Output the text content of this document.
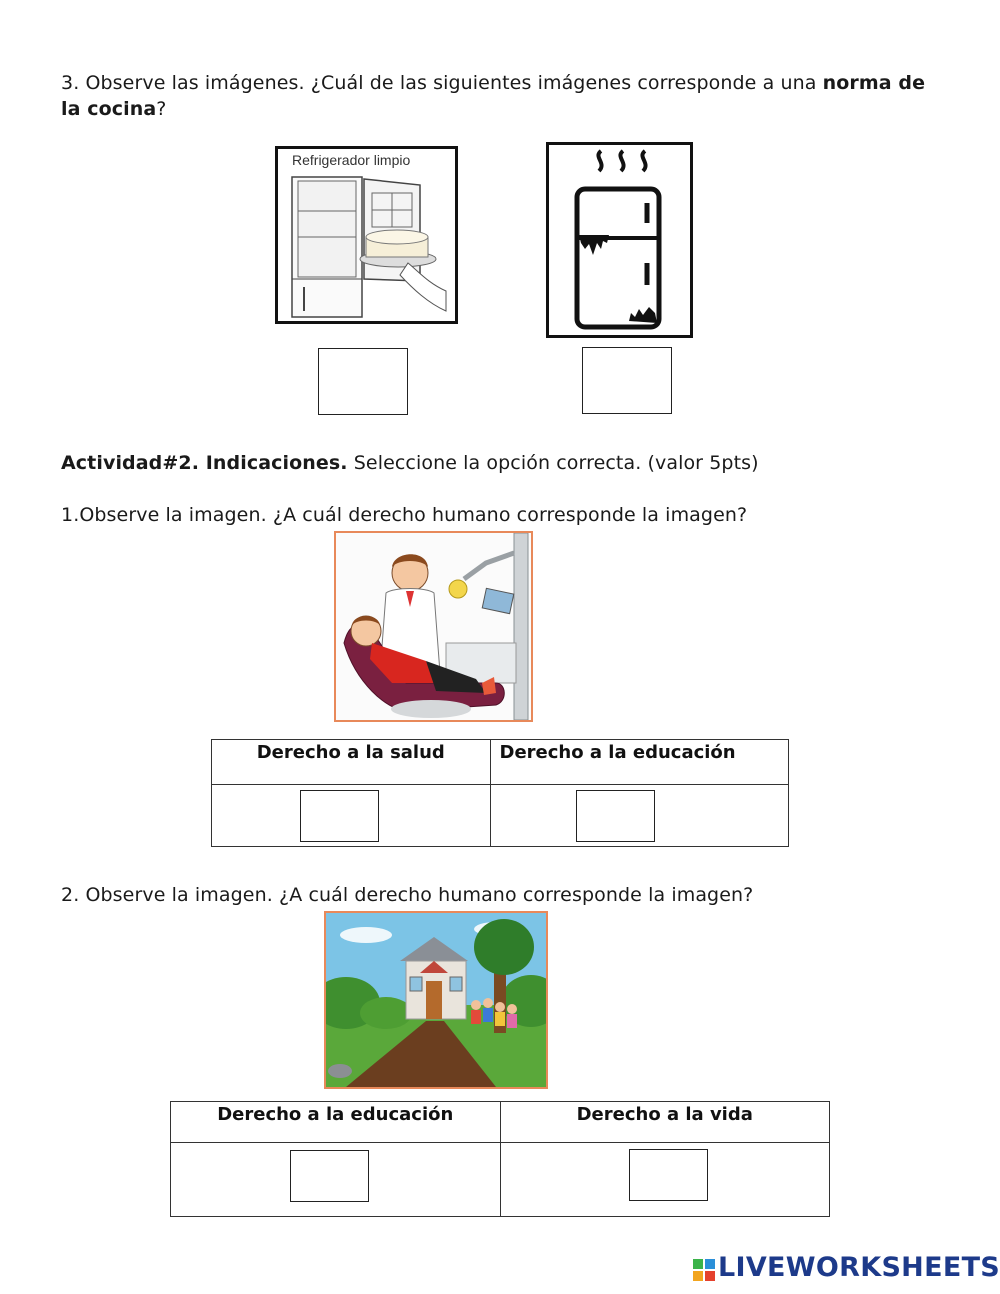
3. Observe las imágenes. ¿Cuál de las siguientes imágenes corresponde a una norma de la cocina?
Refrigerador limpio
Actividad#2. Indicaciones. Seleccione la opción correcta. (valor 5pts)
1.Observe la imagen. ¿A cuál derecho humano corresponde la imagen?
Derecho a la salud	Derecho a la educación

2. Observe la imagen. ¿A cuál derecho humano corresponde la imagen?
Derecho a la educación	Derecho a la vida

LIVEWORKSHEETS
